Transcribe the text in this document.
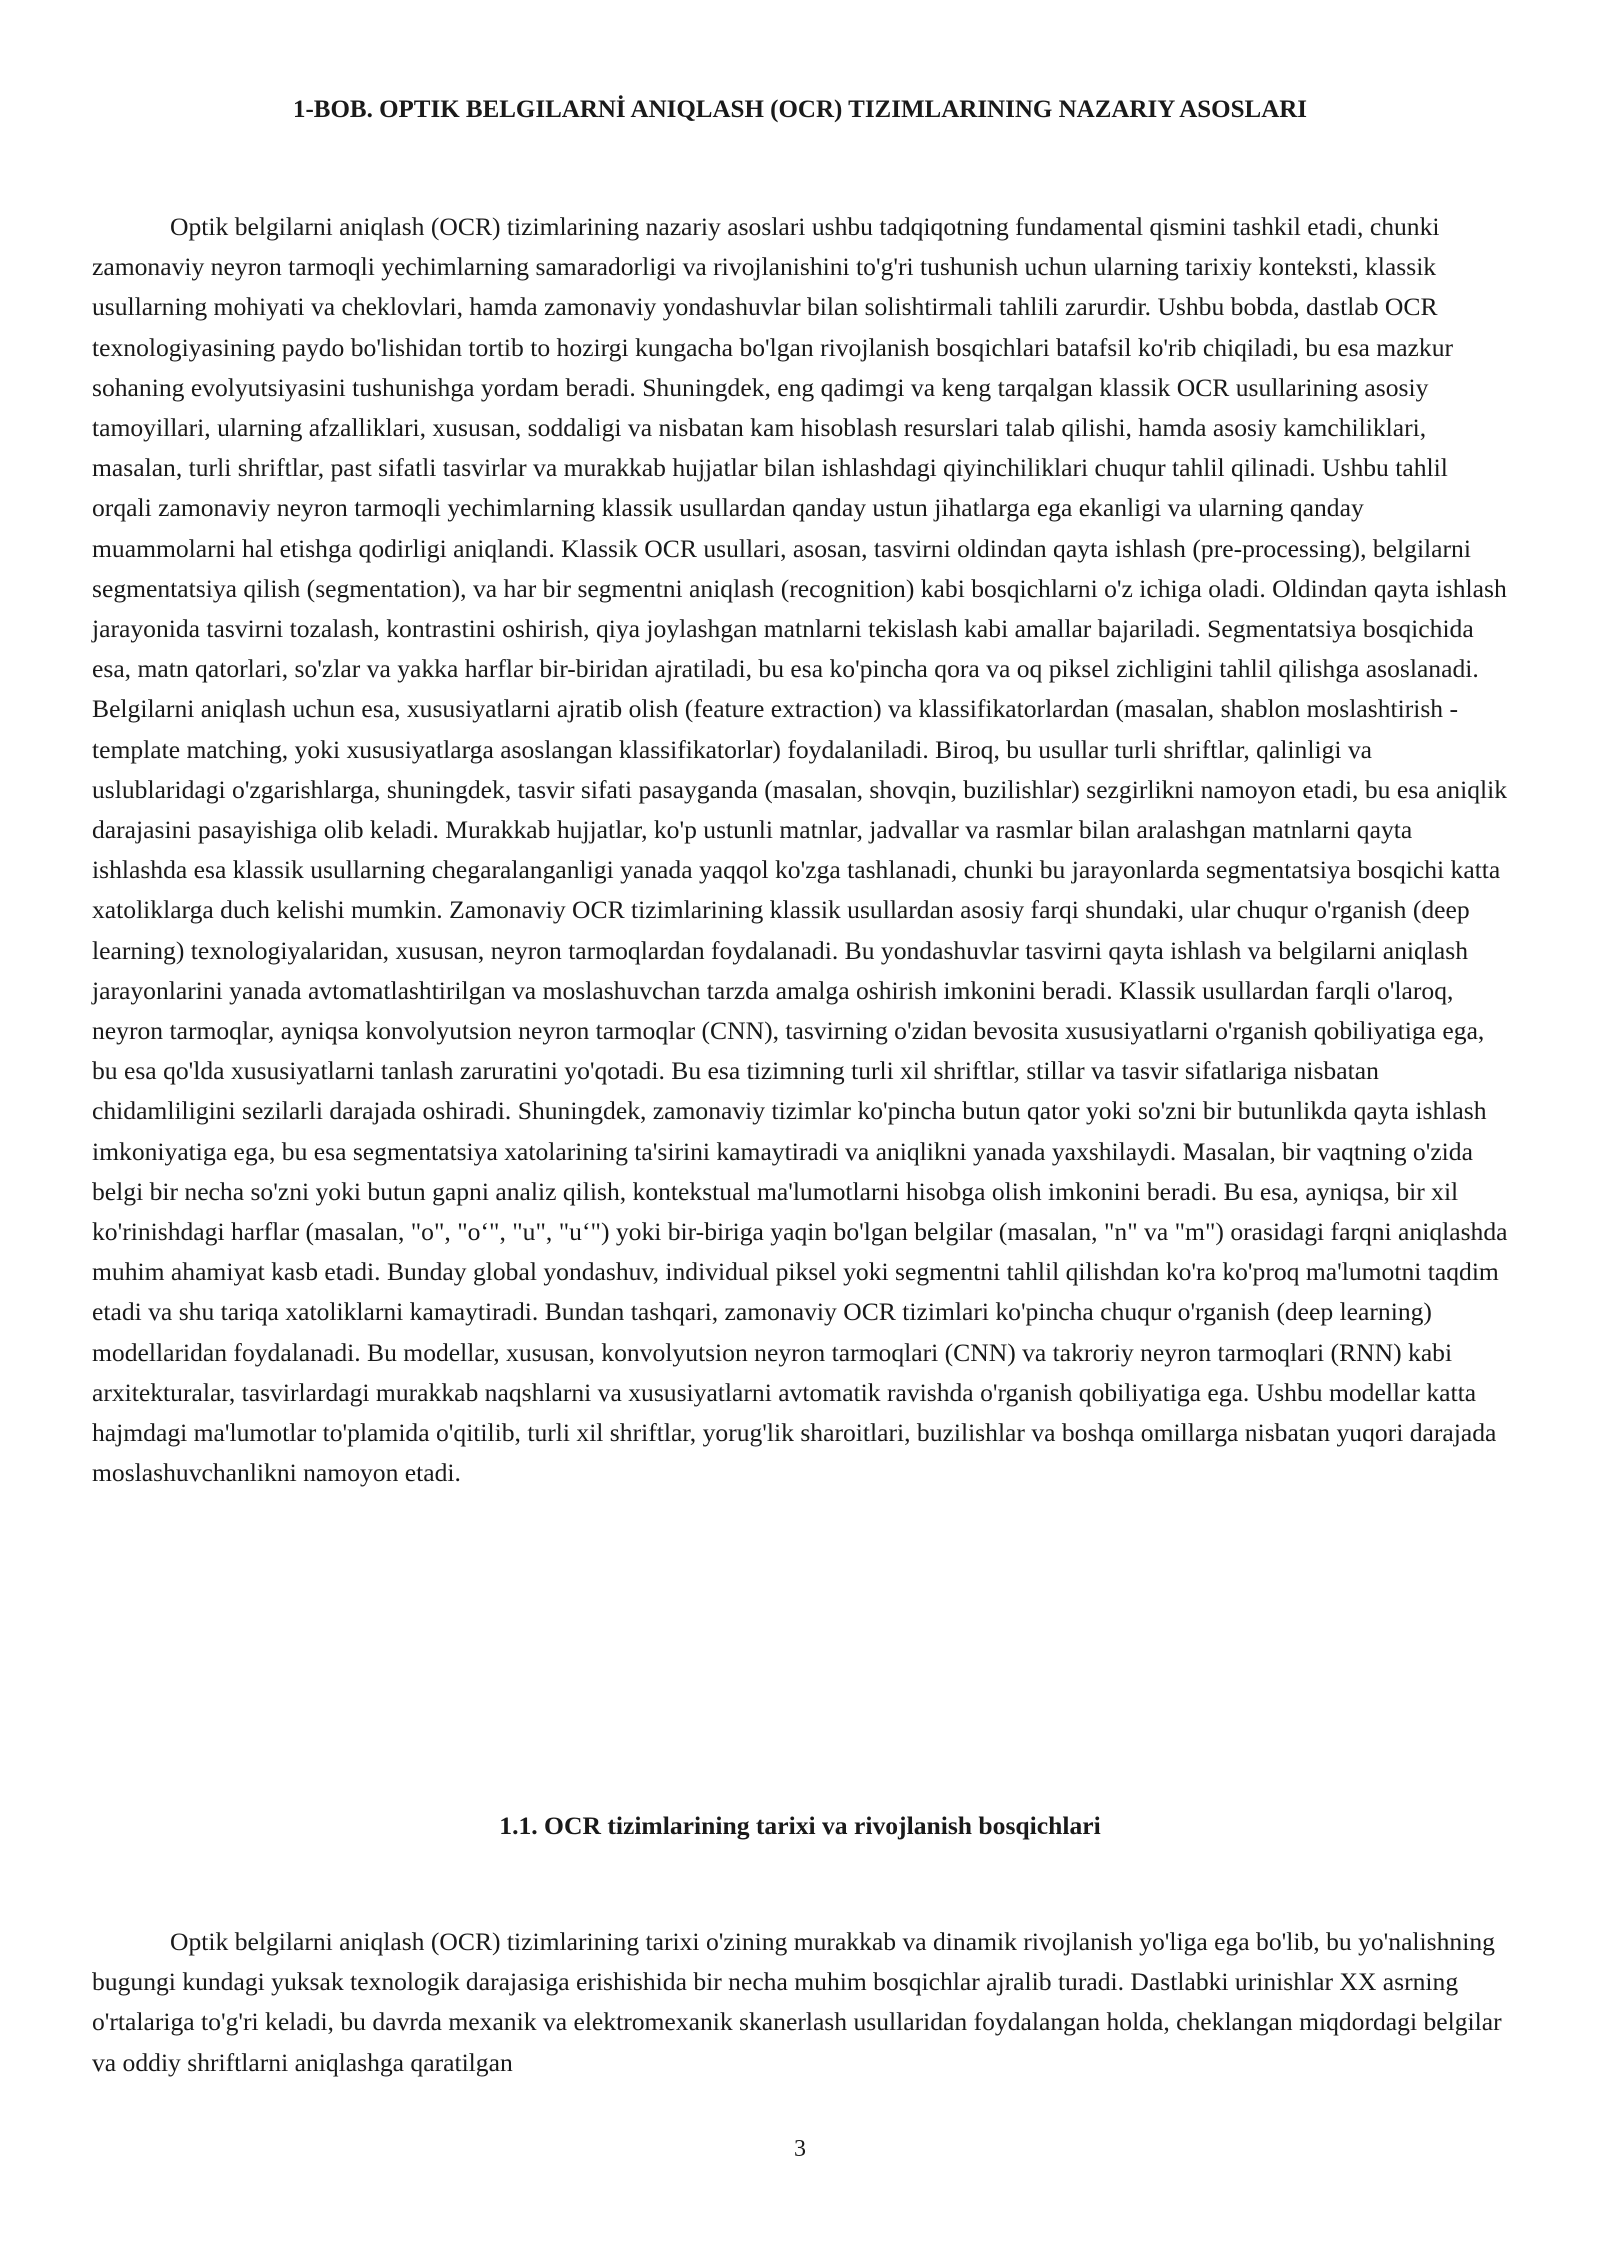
1-BOB. OPTIK BELGILARNİ ANIQLASH (OCR) TIZIMLARINING NAZARIY ASOSLARI

Optik belgilarni aniqlash (OCR) tizimlarining nazariy asoslari ushbu tadqiqotning fundamental qismini tashkil etadi, chunki zamonaviy neyron tarmoqli yechimlarning samaradorligi va rivojlanishini to'g'ri tushunish uchun ularning tarixiy konteksti, klassik usullarning mohiyati va cheklovlari, hamda zamonaviy yondashuvlar bilan solishtirmali tahlili zarurdir. Ushbu bobda, dastlab OCR texnologiyasining paydo bo'lishidan tortib to hozirgi kungacha bo'lgan rivojlanish bosqichlari batafsil ko'rib chiqiladi, bu esa mazkur sohaning evolyutsiyasini tushunishga yordam beradi. Shuningdek, eng qadimgi va keng tarqalgan klassik OCR usullarining asosiy tamoyillari, ularning afzalliklari, xususan, soddaligi va nisbatan kam hisoblash resurslari talab qilishi, hamda asosiy kamchiliklari, masalan, turli shriftlar, past sifatli tasvirlar va murakkab hujjatlar bilan ishlashdagi qiyinchiliklari chuqur tahlil qilinadi. Ushbu tahlil orqali zamonaviy neyron tarmoqli yechimlarning klassik usullardan qanday ustun jihatlarga ega ekanligi va ularning qanday muammolarni hal etishga qodirligi aniqlandi. Klassik OCR usullari, asosan, tasvirni oldindan qayta ishlash (pre-processing), belgilarni segmentatsiya qilish (segmentation), va har bir segmentni aniqlash (recognition) kabi bosqichlarni o'z ichiga oladi. Oldindan qayta ishlash jarayonida tasvirni tozalash, kontrastini oshirish, qiya joylashgan matnlarni tekislash kabi amallar bajariladi. Segmentatsiya bosqichida esa, matn qatorlari, so'zlar va yakka harflar bir-biridan ajratiladi, bu esa ko'pincha qora va oq piksel zichligini tahlil qilishga asoslanadi. Belgilarni aniqlash uchun esa, xususiyatlarni ajratib olish (feature extraction) va klassifikatorlardan (masalan, shablon moslashtirish - template matching, yoki xususiyatlarga asoslangan klassifikatorlar) foydalaniladi. Biroq, bu usullar turli shriftlar, qalinligi va uslublaridagi o'zgarishlarga, shuningdek, tasvir sifati pasayganda (masalan, shovqin, buzilishlar) sezgirlikni namoyon etadi, bu esa aniqlik darajasini pasayishiga olib keladi. Murakkab hujjatlar, ko'p ustunli matnlar, jadvallar va rasmlar bilan aralashgan matnlarni qayta ishlashda esa klassik usullarning chegaralanganligi yanada yaqqol ko'zga tashlanadi, chunki bu jarayonlarda segmentatsiya bosqichi katta xatoliklarga duch kelishi mumkin. Zamonaviy OCR tizimlarining klassik usullardan asosiy farqi shundaki, ular chuqur o'rganish (deep learning) texnologiyalaridan, xususan, neyron tarmoqlardan foydalanadi. Bu yondashuvlar tasvirni qayta ishlash va belgilarni aniqlash jarayonlarini yanada avtomatlashtirilgan va moslashuvchan tarzda amalga oshirish imkonini beradi. Klassik usullardan farqli o'laroq, neyron tarmoqlar, ayniqsa konvolyutsion neyron tarmoqlar (CNN), tasvirning o'zidan bevosita xususiyatlarni o'rganish qobiliyatiga ega, bu esa qo'lda xususiyatlarni tanlash zaruratini yo'qotadi. Bu esa tizimning turli xil shriftlar, stillar va tasvir sifatlariga nisbatan chidamliligini sezilarli darajada oshiradi. Shuningdek, zamonaviy tizimlar ko'pincha butun qator yoki so'zni bir butunlikda qayta ishlash imkoniyatiga ega, bu esa segmentatsiya xatolarining ta'sirini kamaytiradi va aniqlikni yanada yaxshilaydi. Masalan, bir vaqtning o'zida belgi bir necha so'zni yoki butun gapni analiz qilish, kontekstual ma'lumotlarni hisobga olish imkonini beradi. Bu esa, ayniqsa, bir xil ko'rinishdagi harflar (masalan, "o", "o‘", "u", "u‘") yoki bir-biriga yaqin bo'lgan belgilar (masalan, "n" va "m") orasidagi farqni aniqlashda muhim ahamiyat kasb etadi. Bunday global yondashuv, individual piksel yoki segmentni tahlil qilishdan ko'ra ko'proq ma'lumotni taqdim etadi va shu tariqa xatoliklarni kamaytiradi. Bundan tashqari, zamonaviy OCR tizimlari ko'pincha chuqur o'rganish (deep learning) modellaridan foydalanadi. Bu modellar, xususan, konvolyutsion neyron tarmoqlari (CNN) va takroriy neyron tarmoqlari (RNN) kabi arxitekturalar, tasvirlardagi murakkab naqshlarni va xususiyatlarni avtomatik ravishda o'rganish qobiliyatiga ega. Ushbu modellar katta hajmdagi ma'lumotlar to'plamida o'qitilib, turli xil shriftlar, yorug'lik sharoitlari, buzilishlar va boshqa omillarga nisbatan yuqori darajada moslashuvchanlikni namoyon etadi.

1.1. OCR tizimlarining tarixi va rivojlanish bosqichlari

Optik belgilarni aniqlash (OCR) tizimlarining tarixi o'zining murakkab va dinamik rivojlanish yo'liga ega bo'lib, bu yo'nalishning bugungi kundagi yuksak texnologik darajasiga erishishida bir necha muhim bosqichlar ajralib turadi. Dastlabki urinishlar XX asrning o'rtalariga to'g'ri keladi, bu davrda mexanik va elektromexanik skanerlash usullaridan foydalangan holda, cheklangan miqdordagi belgilar va oddiy shriftlarni aniqlashga qaratilgan

3
